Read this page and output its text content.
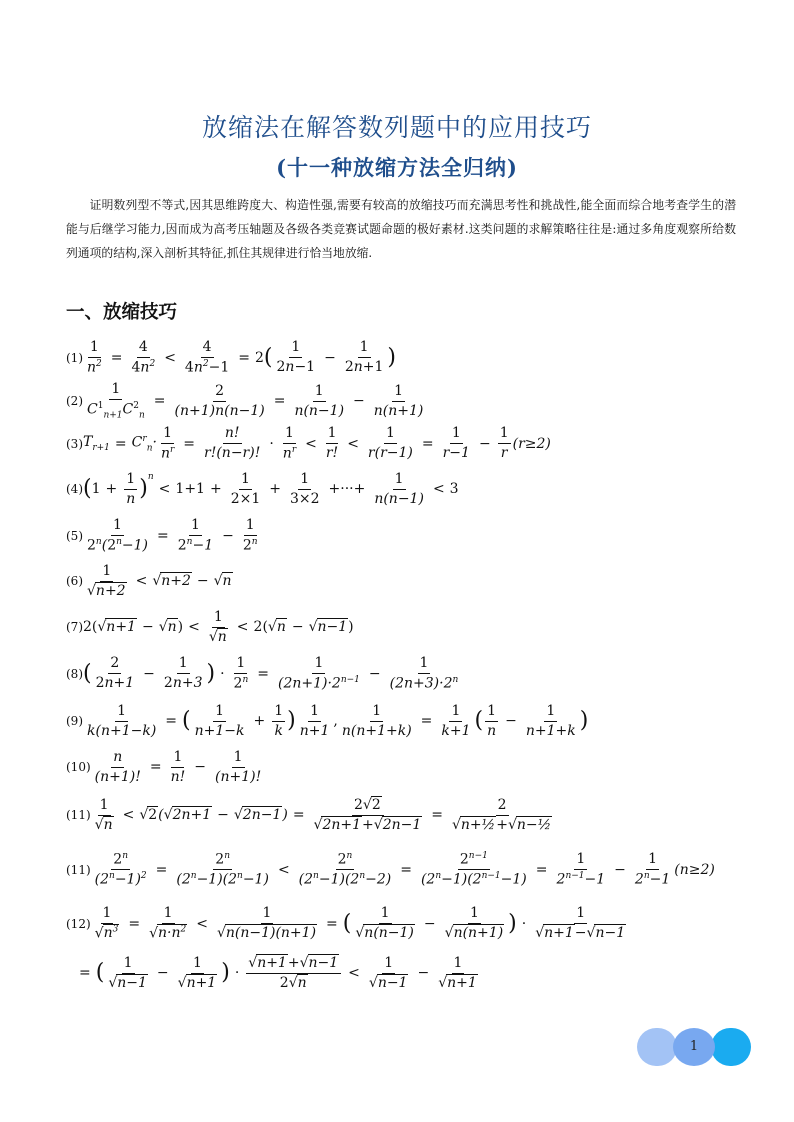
放缩法在解答数列题中的应用技巧
(十一种放缩方法全归纳)

证明数列型不等式,因其思维跨度大、构造性强,需要有较高的放缩技巧而充满思考性和挑战性,能全面而综合地考查学生的潜能与后继学习能力,因而成为高考压轴题及各级各类竞赛试题命题的极好素材.这类问题的求解策略往往是:通过多角度观察所给数列通项的结构,深入剖析其特征,抓住其规律进行恰当地放缩.

一、放缩技巧
$(1) \frac{1}{n^2} = \frac{4}{4n^2} < \frac{4}{4n^2-1} = 2$ ( 1
2n−1
− $\frac{1}{2n+1}$ )
$(2) \frac{1}{C^1_{n+1}C^2_n} = \frac{2}{(n+1)n(n-1)} = \frac{1}{n(n-1)} - \frac{1}{n(n+1)}$
(3) $T_{r+1} = C^r_n\cdot \frac{1}{n^r} = \frac{n!}{r!(n-r)!}$ ·
1
$n^r$ <
1
r!
< $\frac{1}{r(r-1)} = \frac{1}{r-1} - \frac{1}{r} (r\ge 2)$
(4) ( $1 + \frac{1}{n} )^n$
< $1+1 + \frac{1}{2\times 1} + \frac{1}{3\times 2}$ +···+ $\frac{1}{n(n-1)} < 3$
$(5) \frac{1}{2^n(2^n-1)} = \frac{1}{2^n-1} - \frac{1}{2^n}$
(6)
1
√n+2
< √n+2 − √n
(7) 2( √n+1 − √n ) <
1
√n
< 2( √n − √n−1 )
(8) ( 2
2n+1
− $\frac{1}{2n+3}$ ) · $\frac{1}{2^n} = \frac{1}{(2n+1)\cdot 2^{n-1}} - \frac{1}{(2n+3)\cdot 2^n}$
$(9) \frac{1}{k(n+1-k)}$ = ( 1
n+1−k
+ $\frac{1}{k}$ ) 1
n+1
, $\frac{1}{n(n+1+k)} = \frac{1}{k+1}$ ( 1
n
− $\frac{1}{n+1+k}$ )
$(10) \frac{n}{(n+1)!} = \frac{1}{n!} - \frac{1}{(n+1)!}$
(11)
1
√n
< $√2(√2n+1 - √2n-1) = \frac{2√2}{√2n+1+√2n-1} = \frac{2}{\text{√n+½+√n−½}}$
$(11) \frac{2^n}{(2^n-1)^2} = \frac{2^n}{(2^n-1)(2^n-1)} < \frac{2^n}{(2^n-1)(2^n-2)} = \frac{2^{n-1}}{(2^n-1)(2^{n-1}-1)} = \frac{1}{2^{n-1}-1} - \frac{1}{2^n-1} (n\ge 2)$
$(12) \frac{1}{√n^3} = \frac{1}{√n\cdot n^2} < \frac{1}{√n(n-1)(n+1)}$ = ( 1
√n(n−1)
− $\frac{1}{√n(n+1)}$ ) ·
1
√n+1−√n−1
= ( 1
√n−1
− $\frac{1}{√n+1}$ ) ·
√n+1+√n−1
2√n
<
1
√n−1
− $\frac{1}{√n+1}$
1
